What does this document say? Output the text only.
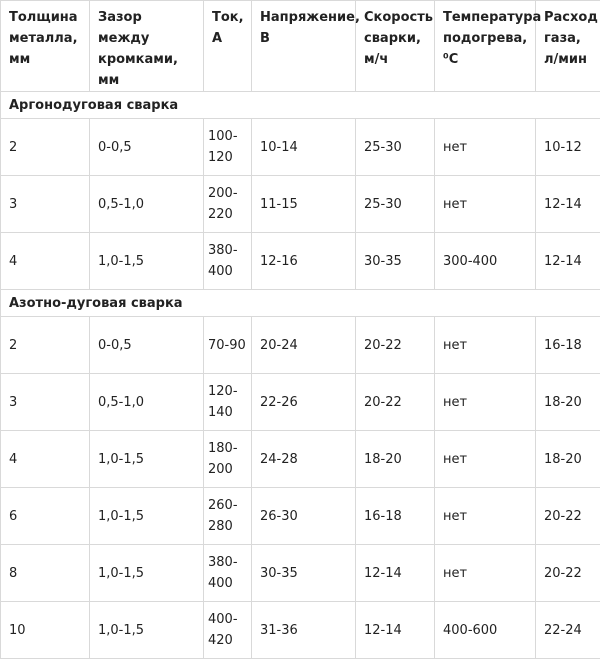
Толщина металла, мм	Зазор между кромками, мм	Ток, А	Напряжение, В	Скорость сварки, м/ч	Температура подогрева, ⁰С	Расход газа, л/мин
Аргонодуговая сварка						
2	0-0,5	100-120	10-14	25-30	нет	10-12
3	0,5-1,0	200-220	11-15	25-30	нет	12-14
4	1,0-1,5	380-400	12-16	30-35	300-400	12-14
Азотно-дуговая сварка						
2	0-0,5	70-90	20-24	20-22	нет	16-18
3	0,5-1,0	120-140	22-26	20-22	нет	18-20
4	1,0-1,5	180-200	24-28	18-20	нет	18-20
6	1,0-1,5	260-280	26-30	16-18	нет	20-22
8	1,0-1,5	380-400	30-35	12-14	нет	20-22
10	1,0-1,5	400-420	31-36	12-14	400-600	22-24
